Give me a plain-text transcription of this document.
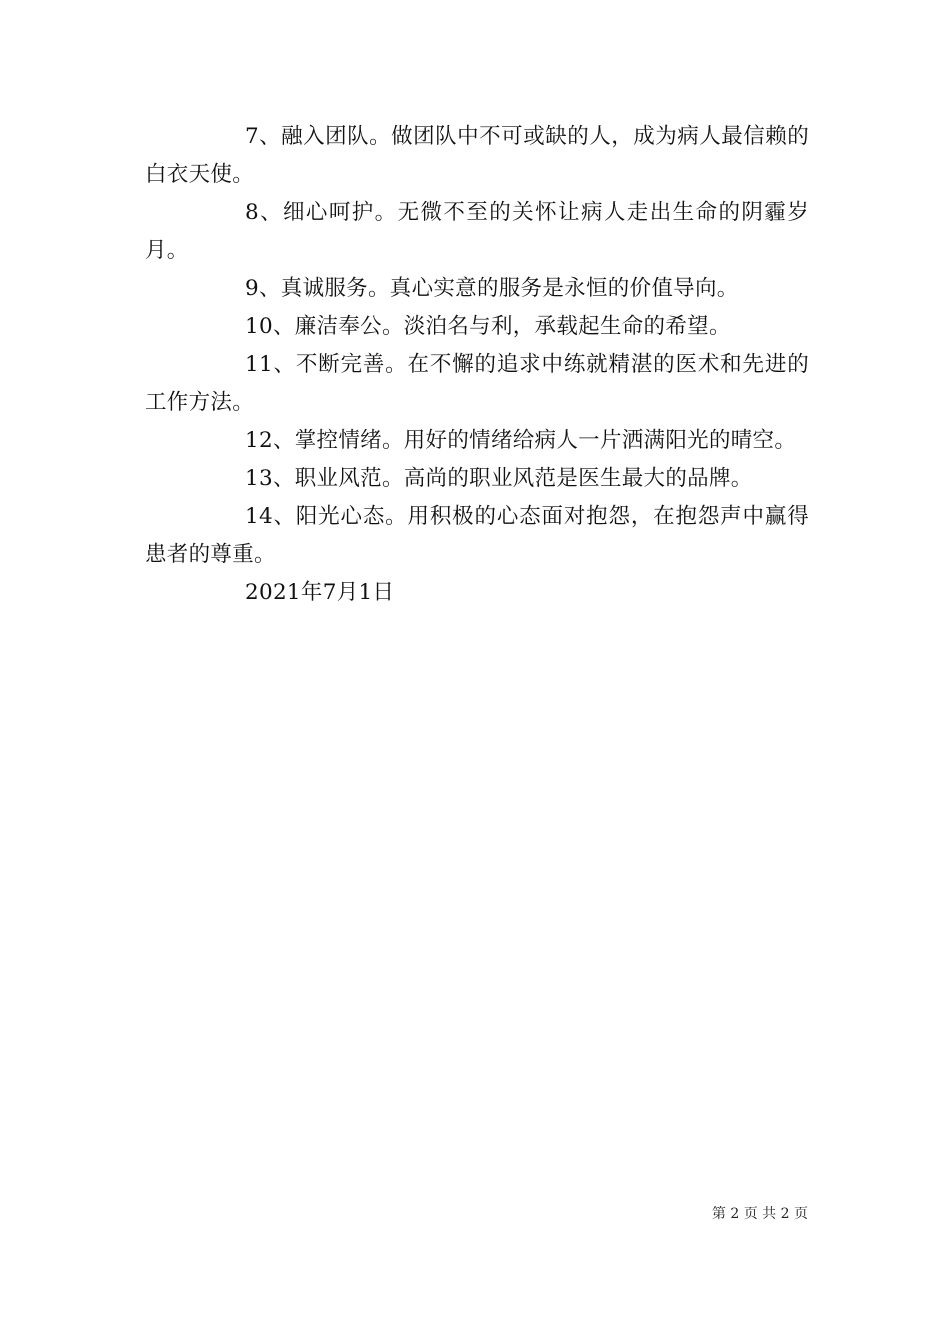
7、融入团队。做团队中不可或缺的人，成为病人最信赖的白衣天使。

8、细心呵护。无微不至的关怀让病人走出生命的阴霾岁月。

9、真诚服务。真心实意的服务是永恒的价值导向。

10、廉洁奉公。淡泊名与利，承载起生命的希望。

11、不断完善。在不懈的追求中练就精湛的医术和先进的工作方法。

12、掌控情绪。用好的情绪给病人一片洒满阳光的晴空。

13、职业风范。高尚的职业风范是医生最大的品牌。

14、阳光心态。用积极的心态面对抱怨，在抱怨声中赢得患者的尊重。

2021年7月1日

第 2 页 共 2 页
